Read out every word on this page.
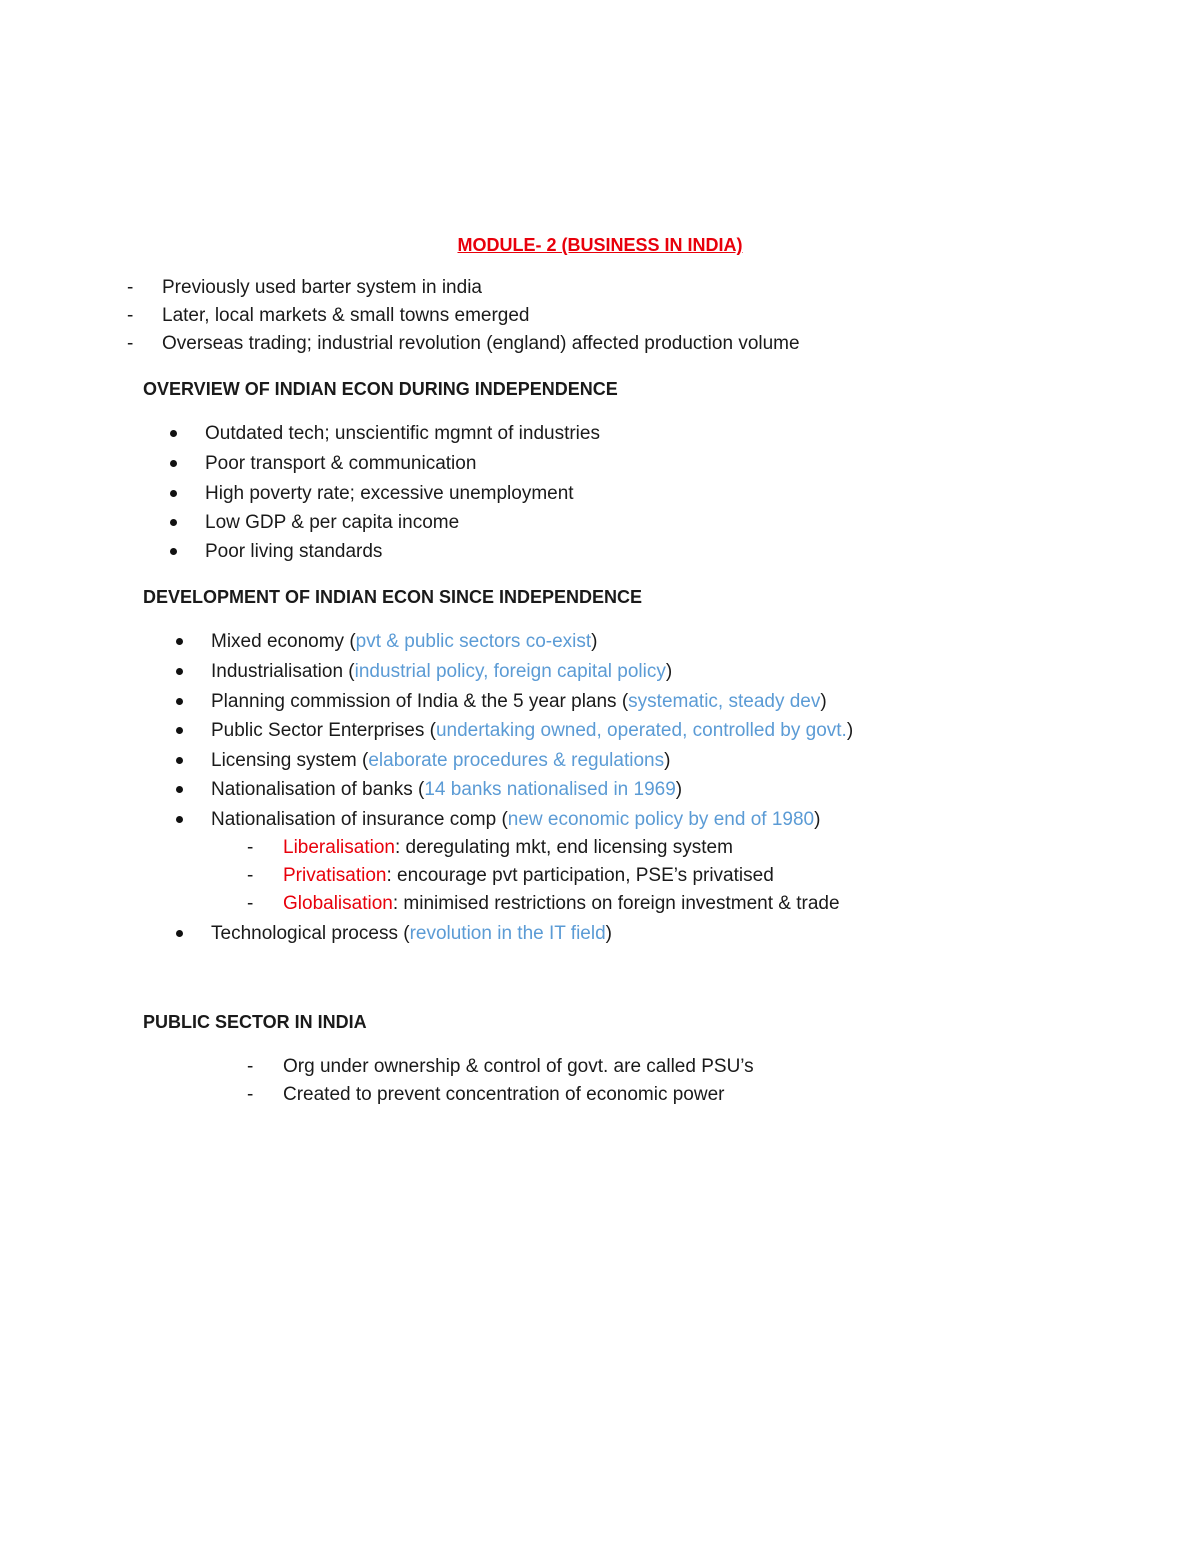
MODULE- 2 (BUSINESS IN INDIA)
- Previously used barter system in india
- Later, local markets & small towns emerged
- Overseas trading; industrial revolution (england) affected production volume
OVERVIEW OF INDIAN ECON DURING INDEPENDENCE
Outdated tech; unscientific mgmnt of industries
Poor transport & communication
High poverty rate; excessive unemployment
Low GDP & per capita income
Poor living standards
DEVELOPMENT OF INDIAN ECON SINCE INDEPENDENCE
Mixed economy (pvt & public sectors co-exist)
Industrialisation (industrial policy, foreign capital policy)
Planning commission of India & the 5 year plans (systematic, steady dev)
Public Sector Enterprises (undertaking owned, operated, controlled by govt.)
Licensing system (elaborate procedures & regulations)
Nationalisation of banks (14 banks nationalised in 1969)
Nationalisation of insurance comp (new economic policy by end of 1980)
- Liberalisation: deregulating mkt, end licensing system
- Privatisation: encourage pvt participation, PSE’s privatised
- Globalisation: minimised restrictions on foreign investment & trade
Technological process (revolution in the IT field)
PUBLIC SECTOR IN INDIA
- Org under ownership & control of govt. are called PSU’s
- Created to prevent concentration of economic power
